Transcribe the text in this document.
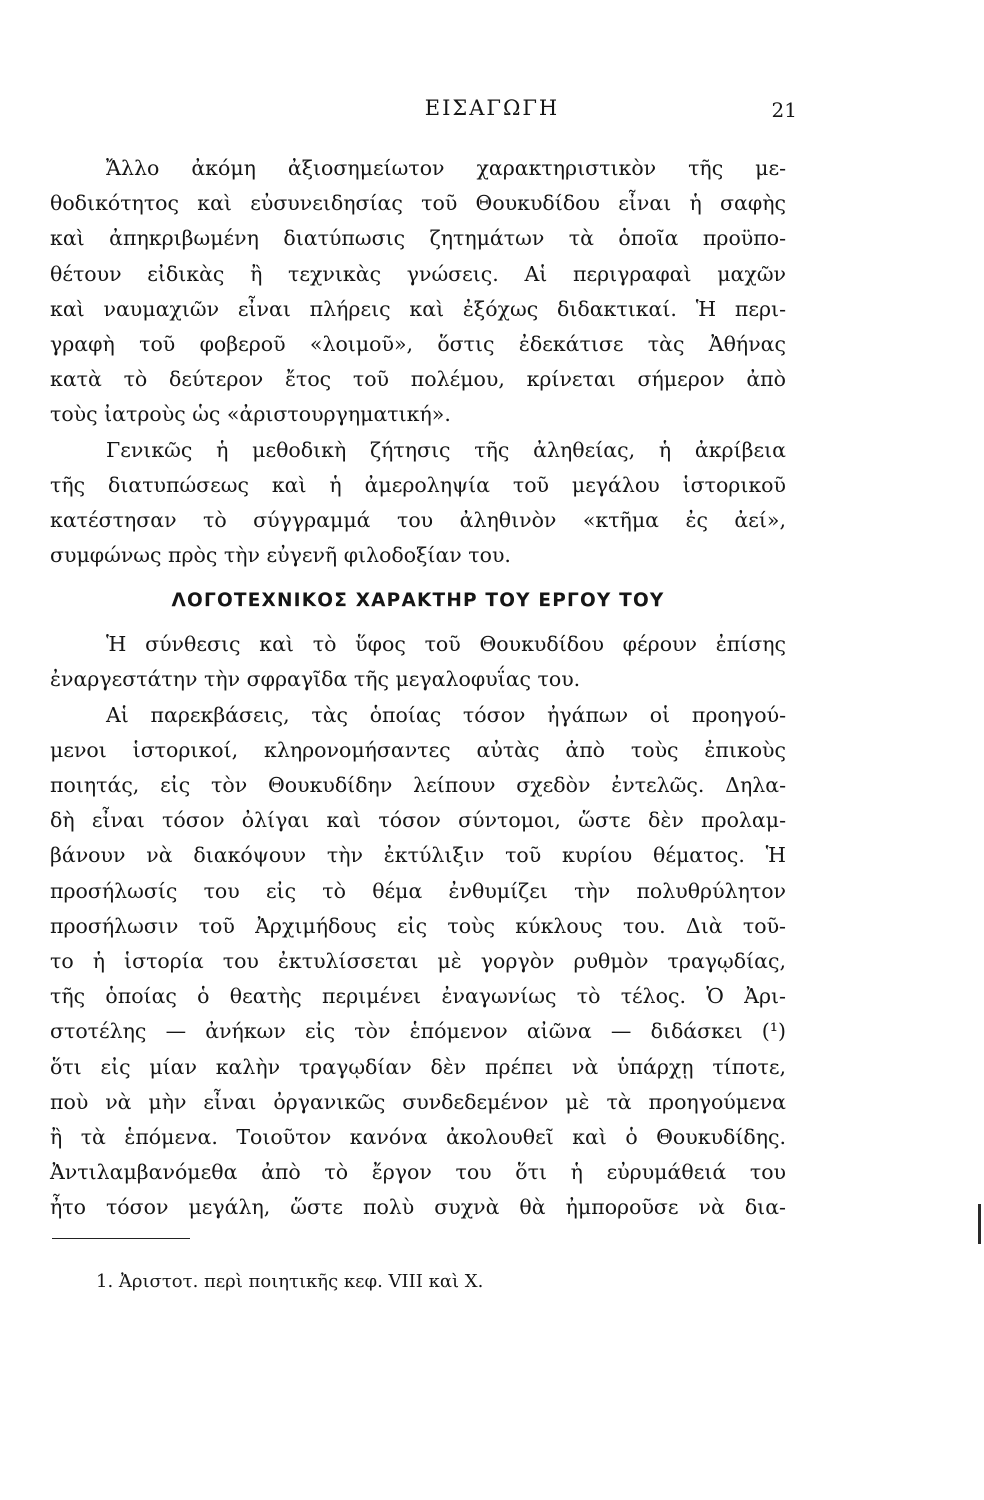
ΕΙΣΑΓΩΓΗ	21
Ἄλλο ἀκόμη ἀξιοσημείωτον χαρακτηριστικὸν τῆς με-
θοδικότητος καὶ εὐσυνειδησίας τοῦ Θουκυδίδου εἶναι ἡ σαφὴς
καὶ ἀπηκριβωμένη διατύπωσις ζητημάτων τὰ ὁποῖα προϋπο-
θέτουν εἰδικὰς ἢ τεχνικὰς γνώσεις. Αἱ περιγραφαὶ μαχῶν
καὶ ναυμαχιῶν εἶναι πλήρεις καὶ ἐξόχως διδακτικαί. Ἡ περι-
γραφὴ τοῦ φοβεροῦ «λοιμοῦ», ὅστις ἐδεκάτισε τὰς Ἀθήνας
κατὰ τὸ δεύτερον ἔτος τοῦ πολέμου, κρίνεται σήμερον ἀπὸ
τοὺς ἰατροὺς ὡς «ἀριστουργηματική».
Γενικῶς ἡ μεθοδικὴ ζήτησις τῆς ἀληθείας, ἡ ἀκρίβεια
τῆς διατυπώσεως καὶ ἡ ἀμεροληψία τοῦ μεγάλου ἱστορικοῦ
κατέστησαν τὸ σύγγραμμά του ἀληθινὸν «κτῆμα ἐς ἀεί»,
συμφώνως πρὸς τὴν εὐγενῆ φιλοδοξίαν του.
ΛΟΓΟΤΕΧΝΙΚΟΣ ΧΑΡΑΚΤΗΡ ΤΟΥ ΕΡΓΟΥ ΤΟΥ
Ἡ σύνθεσις καὶ τὸ ὕφος τοῦ Θουκυδίδου φέρουν ἐπίσης
ἐναργεστάτην τὴν σφραγῖδα τῆς μεγαλοφυΐας του.
Αἱ παρεκβάσεις, τὰς ὁποίας τόσον ἠγάπων οἱ προηγού-
μενοι ἱστορικοί, κληρονομήσαντες αὐτὰς ἀπὸ τοὺς ἐπικοὺς
ποιητάς, εἰς τὸν Θουκυδίδην λείπουν σχεδὸν ἐντελῶς. Δηλα-
δὴ εἶναι τόσον ὀλίγαι καὶ τόσον σύντομοι, ὥστε δὲν προλαμ-
βάνουν νὰ διακόψουν τὴν ἐκτύλιξιν τοῦ κυρίου θέματος. Ἡ
προσήλωσίς του εἰς τὸ θέμα ἐνθυμίζει τὴν πολυθρύλητον
προσήλωσιν τοῦ Ἀρχιμήδους εἰς τοὺς κύκλους του. Διὰ τοῦ-
το ἡ ἱστορία του ἐκτυλίσσεται μὲ γοργὸν ρυθμὸν τραγῳδίας,
τῆς ὁποίας ὁ θεατὴς περιμένει ἐναγωνίως τὸ τέλος. Ὁ Ἀρι-
στοτέλης — ἀνήκων εἰς τὸν ἑπόμενον αἰῶνα — διδάσκει (¹)
ὅτι εἰς μίαν καλὴν τραγῳδίαν δὲν πρέπει νὰ ὑπάρχῃ τίποτε,
ποὺ νὰ μὴν εἶναι ὀργανικῶς συνδεδεμένον μὲ τὰ προηγούμενα
ἢ τὰ ἑπόμενα. Τοιοῦτον κανόνα ἀκολουθεῖ καὶ ὁ Θουκυδίδης.
Ἀντιλαμβανόμεθα ἀπὸ τὸ ἔργον του ὅτι ἡ εὐρυμάθειά του
ἦτο τόσον μεγάλη, ὥστε πολὺ συχνὰ θὰ ἠμποροῦσε νὰ δια-
1. Ἀριστοτ. περὶ ποιητικῆς κεφ. VIII καὶ X.
